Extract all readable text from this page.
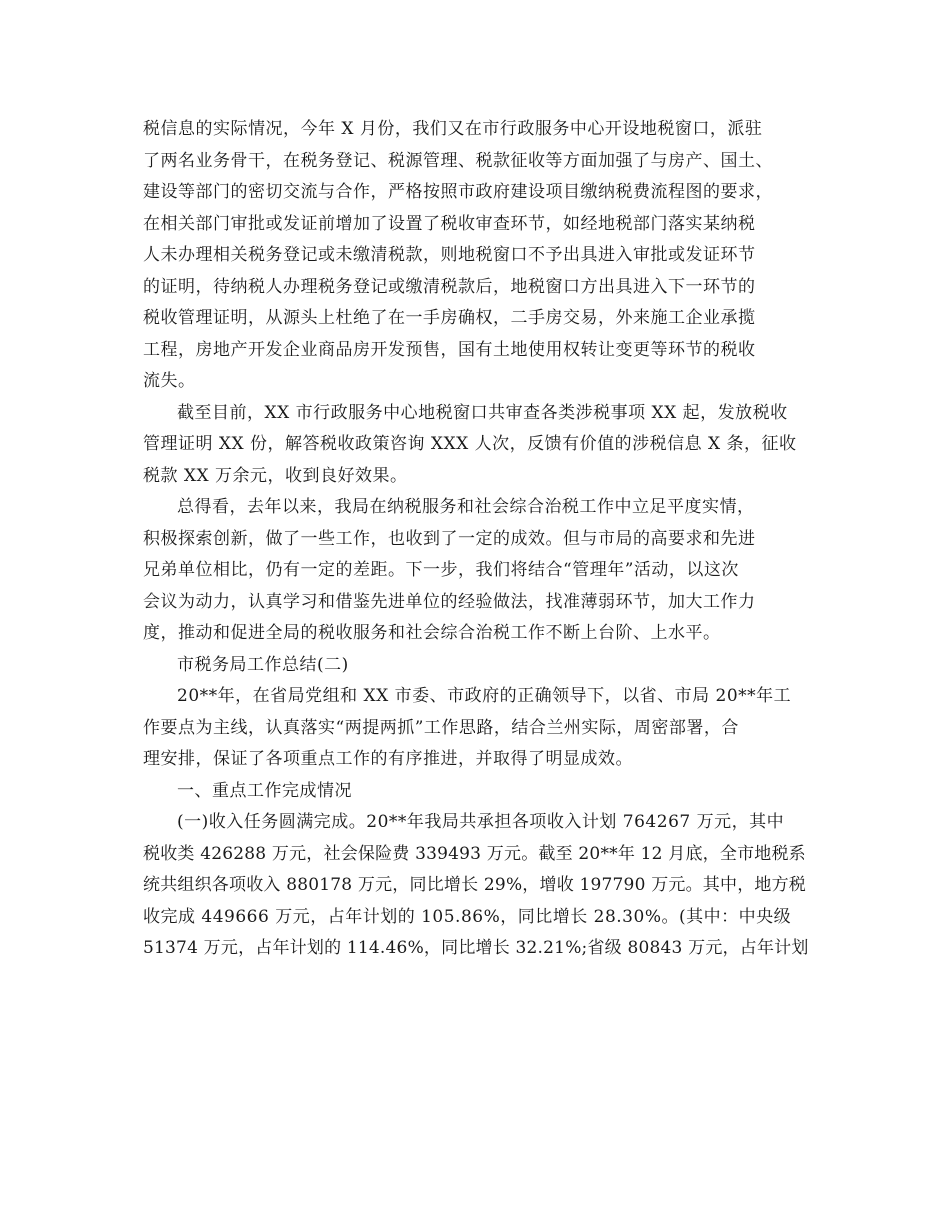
税信息的实际情况，今年 X 月份，我们又在市行政服务中心开设地税窗口，派驻
了两名业务骨干，在税务登记、税源管理、税款征收等方面加强了与房产、国土、
建设等部门的密切交流与合作，严格按照市政府建设项目缴纳税费流程图的要求，
在相关部门审批或发证前增加了设置了税收审查环节，如经地税部门落实某纳税
人未办理相关税务登记或未缴清税款，则地税窗口不予出具进入审批或发证环节
的证明，待纳税人办理税务登记或缴清税款后，地税窗口方出具进入下一环节的
税收管理证明，从源头上杜绝了在一手房确权，二手房交易，外来施工企业承揽
工程，房地产开发企业商品房开发预售，国有土地使用权转让变更等环节的税收
流失。
截至目前，XX 市行政服务中心地税窗口共审查各类涉税事项 XX 起，发放税收
管理证明 XX 份，解答税收政策咨询 XXX 人次，反馈有价值的涉税信息 X 条，征收
税款 XX 万余元，收到良好效果。
总得看，去年以来，我局在纳税服务和社会综合治税工作中立足平度实情，
积极探索创新，做了一些工作，也收到了一定的成效。但与市局的高要求和先进
兄弟单位相比，仍有一定的差距。下一步，我们将结合“管理年”活动，以这次
会议为动力，认真学习和借鉴先进单位的经验做法，找准薄弱环节，加大工作力
度，推动和促进全局的税收服务和社会综合治税工作不断上台阶、上水平。
市税务局工作总结(二)
20**年，在省局党组和 XX 市委、市政府的正确领导下，以省、市局 20**年工
作要点为主线，认真落实“两提两抓”工作思路，结合兰州实际，周密部署，合
理安排，保证了各项重点工作的有序推进，并取得了明显成效。
一、重点工作完成情况
(一)收入任务圆满完成。20**年我局共承担各项收入计划 764267 万元，其中
税收类 426288 万元，社会保险费 339493 万元。截至 20**年 12 月底，全市地税系
统共组织各项收入 880178 万元，同比增长 29%，增收 197790 万元。其中，地方税
收完成 449666 万元，占年计划的 105.86%，同比增长 28.30%。(其中：中央级
51374 万元，占年计划的 114.46%，同比增长 32.21%;省级 80843 万元，占年计划
